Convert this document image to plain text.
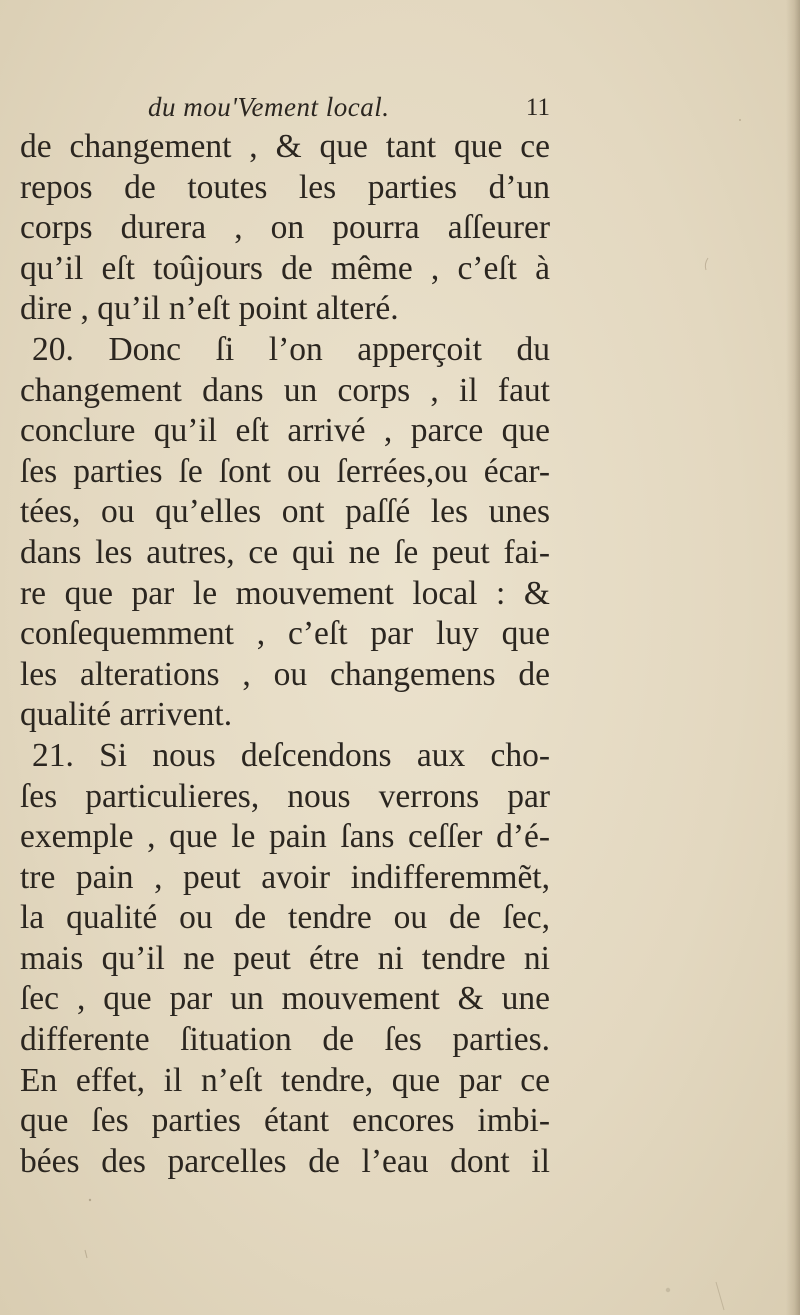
du mou'Vement local.	11
de changement , & que tant que ce
repos de toutes les parties d’un
corps durera , on pourra aſſeurer
qu’il eſt toûjours de même , c’eſt à
dire , qu’il n’eſt point alteré.
20. Donc ſi l’on apperçoit du
changement dans un corps , il faut
conclure qu’il eſt arrivé , parce que
ſes parties ſe ſont ou ſerrées,ou écar-
tées, ou qu’elles ont paſſé les unes
dans les autres, ce qui ne ſe peut fai-
re que par le mouvement local : &
conſequemment , c’eſt par luy que
les alterations , ou changemens de
qualité arrivent.
21. Si nous deſcendons aux cho-
ſes particulieres, nous verrons par
exemple , que le pain ſans ceſſer d’é-
tre pain , peut avoir indifferemmẽt,
la qualité ou de tendre ou de ſec,
mais qu’il ne peut étre ni tendre ni
ſec , que par un mouvement & une
differente ſituation de ſes parties.
En effet, il n’eſt tendre, que par ce
que ſes parties étant encores imbi-
bées des parcelles de l’eau dont il
